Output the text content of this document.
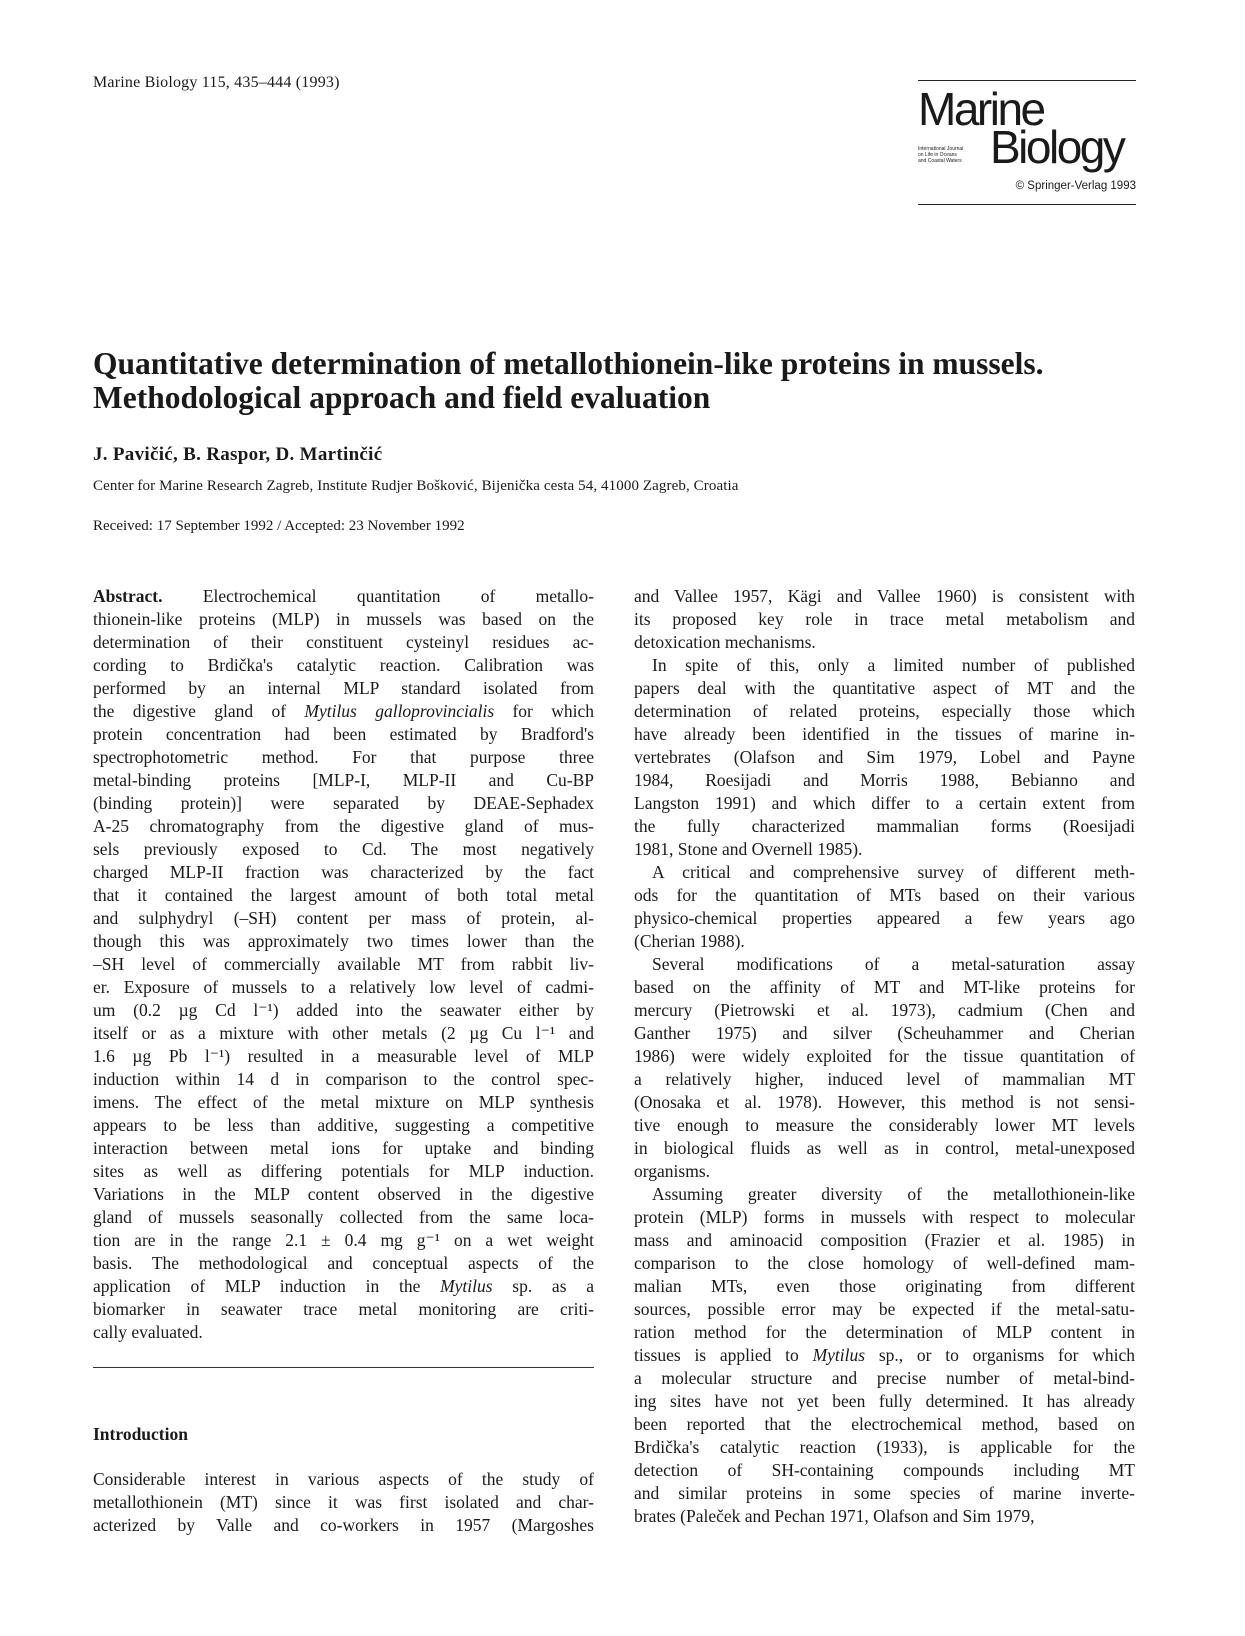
Marine Biology 115, 435–444 (1993)
Marine
International Journal
on Life in Oceans
and Coastal Waters Biology
© Springer-Verlag 1993
Quantitative determination of metallothionein-like proteins in mussels.
Methodological approach and field evaluation
J. Pavičić, B. Raspor, D. Martinčić
Center for Marine Research Zagreb, Institute Rudjer Bošković, Bijenička cesta 54, 41000 Zagreb, Croatia
Received: 17 September 1992 / Accepted: 23 November 1992
Abstract. Electrochemical quantitation of metallo-
thionein-like proteins (MLP) in mussels was based on the
determination of their constituent cysteinyl residues ac-
cording to Brdička's catalytic reaction. Calibration was
performed by an internal MLP standard isolated from
the digestive gland of Mytilus galloprovincialis for which
protein concentration had been estimated by Bradford's
spectrophotometric method. For that purpose three
metal-binding proteins [MLP-I, MLP-II and Cu-BP
(binding protein)] were separated by DEAE-Sephadex
A-25 chromatography from the digestive gland of mus-
sels previously exposed to Cd. The most negatively
charged MLP-II fraction was characterized by the fact
that it contained the largest amount of both total metal
and sulphydryl (–SH) content per mass of protein, al-
though this was approximately two times lower than the
–SH level of commercially available MT from rabbit liv-
er. Exposure of mussels to a relatively low level of cadmi-
um (0.2 µg Cd l⁻¹) added into the seawater either by
itself or as a mixture with other metals (2 µg Cu l⁻¹ and
1.6 µg Pb l⁻¹) resulted in a measurable level of MLP
induction within 14 d in comparison to the control spec-
imens. The effect of the metal mixture on MLP synthesis
appears to be less than additive, suggesting a competitive
interaction between metal ions for uptake and binding
sites as well as differing potentials for MLP induction.
Variations in the MLP content observed in the digestive
gland of mussels seasonally collected from the same loca-
tion are in the range 2.1 ± 0.4 mg g⁻¹ on a wet weight
basis. The methodological and conceptual aspects of the
application of MLP induction in the Mytilus sp. as a
biomarker in seawater trace metal monitoring are criti-
cally evaluated.
Introduction
Considerable interest in various aspects of the study of
metallothionein (MT) since it was first isolated and char-
acterized by Valle and co-workers in 1957 (Margoshes
and Vallee 1957, Kägi and Vallee 1960) is consistent with
its proposed key role in trace metal metabolism and
detoxication mechanisms.
In spite of this, only a limited number of published
papers deal with the quantitative aspect of MT and the
determination of related proteins, especially those which
have already been identified in the tissues of marine in-
vertebrates (Olafson and Sim 1979, Lobel and Payne
1984, Roesijadi and Morris 1988, Bebianno and
Langston 1991) and which differ to a certain extent from
the fully characterized mammalian forms (Roesijadi
1981, Stone and Overnell 1985).
A critical and comprehensive survey of different meth-
ods for the quantitation of MTs based on their various
physico-chemical properties appeared a few years ago
(Cherian 1988).
Several modifications of a metal-saturation assay
based on the affinity of MT and MT-like proteins for
mercury (Pietrowski et al. 1973), cadmium (Chen and
Ganther 1975) and silver (Scheuhammer and Cherian
1986) were widely exploited for the tissue quantitation of
a relatively higher, induced level of mammalian MT
(Onosaka et al. 1978). However, this method is not sensi-
tive enough to measure the considerably lower MT levels
in biological fluids as well as in control, metal-unexposed
organisms.
Assuming greater diversity of the metallothionein-like
protein (MLP) forms in mussels with respect to molecular
mass and aminoacid composition (Frazier et al. 1985) in
comparison to the close homology of well-defined mam-
malian MTs, even those originating from different
sources, possible error may be expected if the metal-satu-
ration method for the determination of MLP content in
tissues is applied to Mytilus sp., or to organisms for which
a molecular structure and precise number of metal-bind-
ing sites have not yet been fully determined. It has already
been reported that the electrochemical method, based on
Brdička's catalytic reaction (1933), is applicable for the
detection of SH-containing compounds including MT
and similar proteins in some species of marine inverte-
brates (Paleček and Pechan 1971, Olafson and Sim 1979,
